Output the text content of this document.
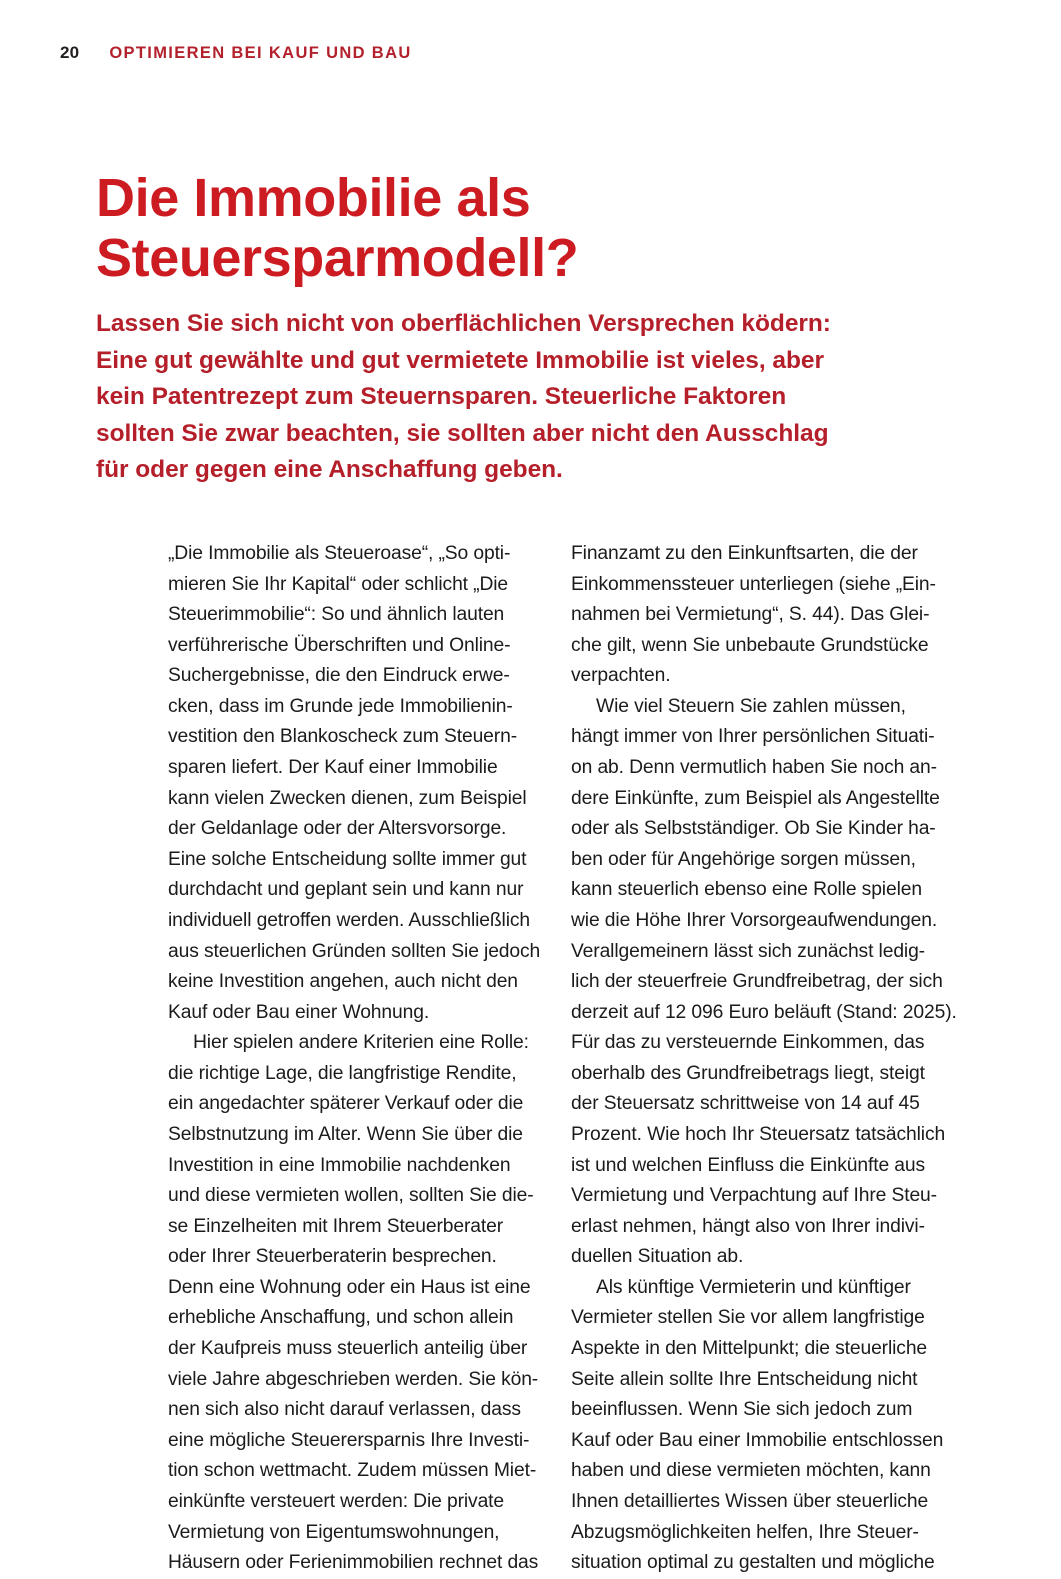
20 OPTIMIEREN BEI KAUF UND BAU
Die Immobilie als
Steuersparmodell?

Lassen Sie sich nicht von oberflächlichen Versprechen ködern:
Eine gut gewählte und gut vermietete Immobilie ist vieles, aber
kein Patentrezept zum Steuernsparen. Steuerliche Faktoren
sollten Sie zwar beachten, sie sollten aber nicht den Ausschlag
für oder gegen eine Anschaffung geben.

„Die Immobilie als Steueroase“, „So opti-
mieren Sie Ihr Kapital“ oder schlicht „Die
Steuerimmobilie“: So und ähnlich lauten
verführerische Überschriften und Online-
Suchergebnisse, die den Eindruck erwe-
cken, dass im Grunde jede Immobilienin-
vestition den Blankoscheck zum Steuern-
sparen liefert. Der Kauf einer Immobilie
kann vielen Zwecken dienen, zum Beispiel
der Geldanlage oder der Altersvorsorge.
Eine solche Entscheidung sollte immer gut
durchdacht und geplant sein und kann nur
individuell getroffen werden. Ausschließlich
aus steuerlichen Gründen sollten Sie jedoch
keine Investition angehen, auch nicht den
Kauf oder Bau einer Wohnung.

Hier spielen andere Kriterien eine Rolle:
die richtige Lage, die langfristige Rendite,
ein angedachter späterer Verkauf oder die
Selbstnutzung im Alter. Wenn Sie über die
Investition in eine Immobilie nachdenken
und diese vermieten wollen, sollten Sie die-
se Einzelheiten mit Ihrem Steuerberater
oder Ihrer Steuerberaterin besprechen.
Denn eine Wohnung oder ein Haus ist eine
erhebliche Anschaffung, und schon allein
der Kaufpreis muss steuerlich anteilig über
viele Jahre abgeschrieben werden. Sie kön-
nen sich also nicht darauf verlassen, dass
eine mögliche Steuerersparnis Ihre Investi-
tion schon wettmacht. Zudem müssen Miet-
einkünfte versteuert werden: Die private
Vermietung von Eigentumswohnungen,
Häusern oder Ferienimmobilien rechnet das

Finanzamt zu den Einkunftsarten, die der
Einkommenssteuer unterliegen (siehe „Ein-
nahmen bei Vermietung“, S. 44). Das Glei-
che gilt, wenn Sie unbebaute Grundstücke
verpachten.

Wie viel Steuern Sie zahlen müssen,
hängt immer von Ihrer persönlichen Situati-
on ab. Denn vermutlich haben Sie noch an-
dere Einkünfte, zum Beispiel als Angestellte
oder als Selbstständiger. Ob Sie Kinder ha-
ben oder für Angehörige sorgen müssen,
kann steuerlich ebenso eine Rolle spielen
wie die Höhe Ihrer Vorsorgeaufwendungen.
Verallgemeinern lässt sich zunächst ledig-
lich der steuerfreie Grundfreibetrag, der sich
derzeit auf 12 096 Euro beläuft (Stand: 2025).
Für das zu versteuernde Einkommen, das
oberhalb des Grundfreibetrags liegt, steigt
der Steuersatz schrittweise von 14 auf 45
Prozent. Wie hoch Ihr Steuersatz tatsächlich
ist und welchen Einfluss die Einkünfte aus
Vermietung und Verpachtung auf Ihre Steu-
erlast nehmen, hängt also von Ihrer indivi-
duellen Situation ab.

Als künftige Vermieterin und künftiger
Vermieter stellen Sie vor allem langfristige
Aspekte in den Mittelpunkt; die steuerliche
Seite allein sollte Ihre Entscheidung nicht
beeinflussen. Wenn Sie sich jedoch zum
Kauf oder Bau einer Immobilie entschlossen
haben und diese vermieten möchten, kann
Ihnen detailliertes Wissen über steuerliche
Abzugsmöglichkeiten helfen, Ihre Steuer-
situation optimal zu gestalten und mögliche
